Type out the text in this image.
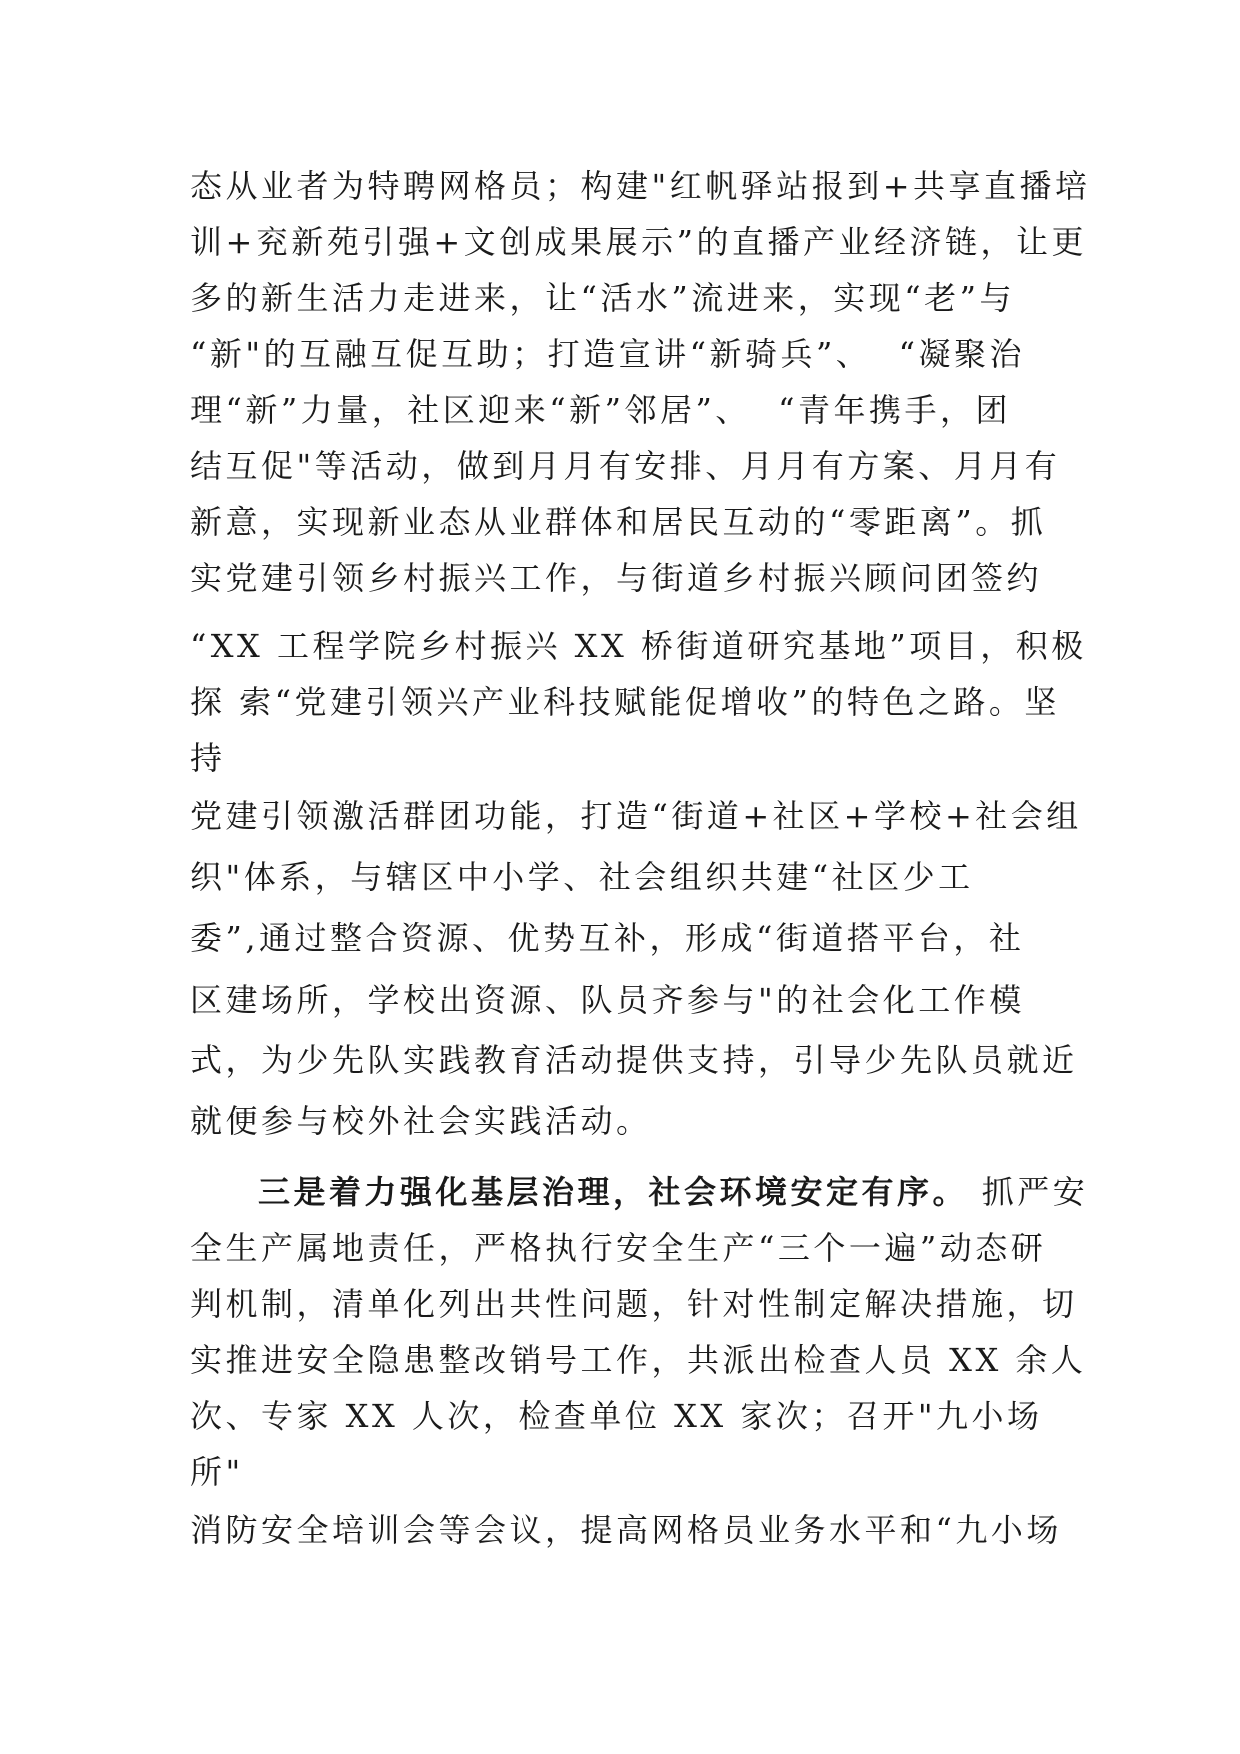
态从业者为特聘网格员；构建"红帆驿站报到+共享直播培
训+兖新苑引强+文创成果展示”的直播产业经济链，让更
多的新生活力走进来，让“活水”流进来，实现“老”与
“新"的互融互促互助；打造宣讲“新骑兵”、  “凝聚治
理“新”力量，社区迎来“新”邻居”、  “青年携手，团
结互促"等活动，做到月月有安排、月月有方案、月月有
新意，实现新业态从业群体和居民互动的“零距离”。抓
实党建引领乡村振兴工作，与街道乡村振兴顾问团签约
“XX 工程学院乡村振兴 XX 桥街道研究基地”项目，积极
探 索“党建引领兴产业科技赋能促增收”的特色之路。坚
持
党建引领激活群团功能，打造“街道+社区+学校+社会组
织"体系，与辖区中小学、社会组织共建“社区少工
委”,通过整合资源、优势互补，形成“街道搭平台，社
区建场所，学校出资源、队员齐参与"的社会化工作模
式，为少先队实践教育活动提供支持，引导少先队员就近
就便参与校外社会实践活动。
三是着力强化基层治理，社会环境安定有序。 抓严安
全生产属地责任，严格执行安全生产“三个一遍”动态研
判机制，清单化列出共性问题，针对性制定解决措施，切
实推进安全隐患整改销号工作，共派出检查人员 XX 余人
次、专家 XX 人次，检查单位 XX 家次；召开"九小场
所"
消防安全培训会等会议，提高网格员业务水平和“九小场
